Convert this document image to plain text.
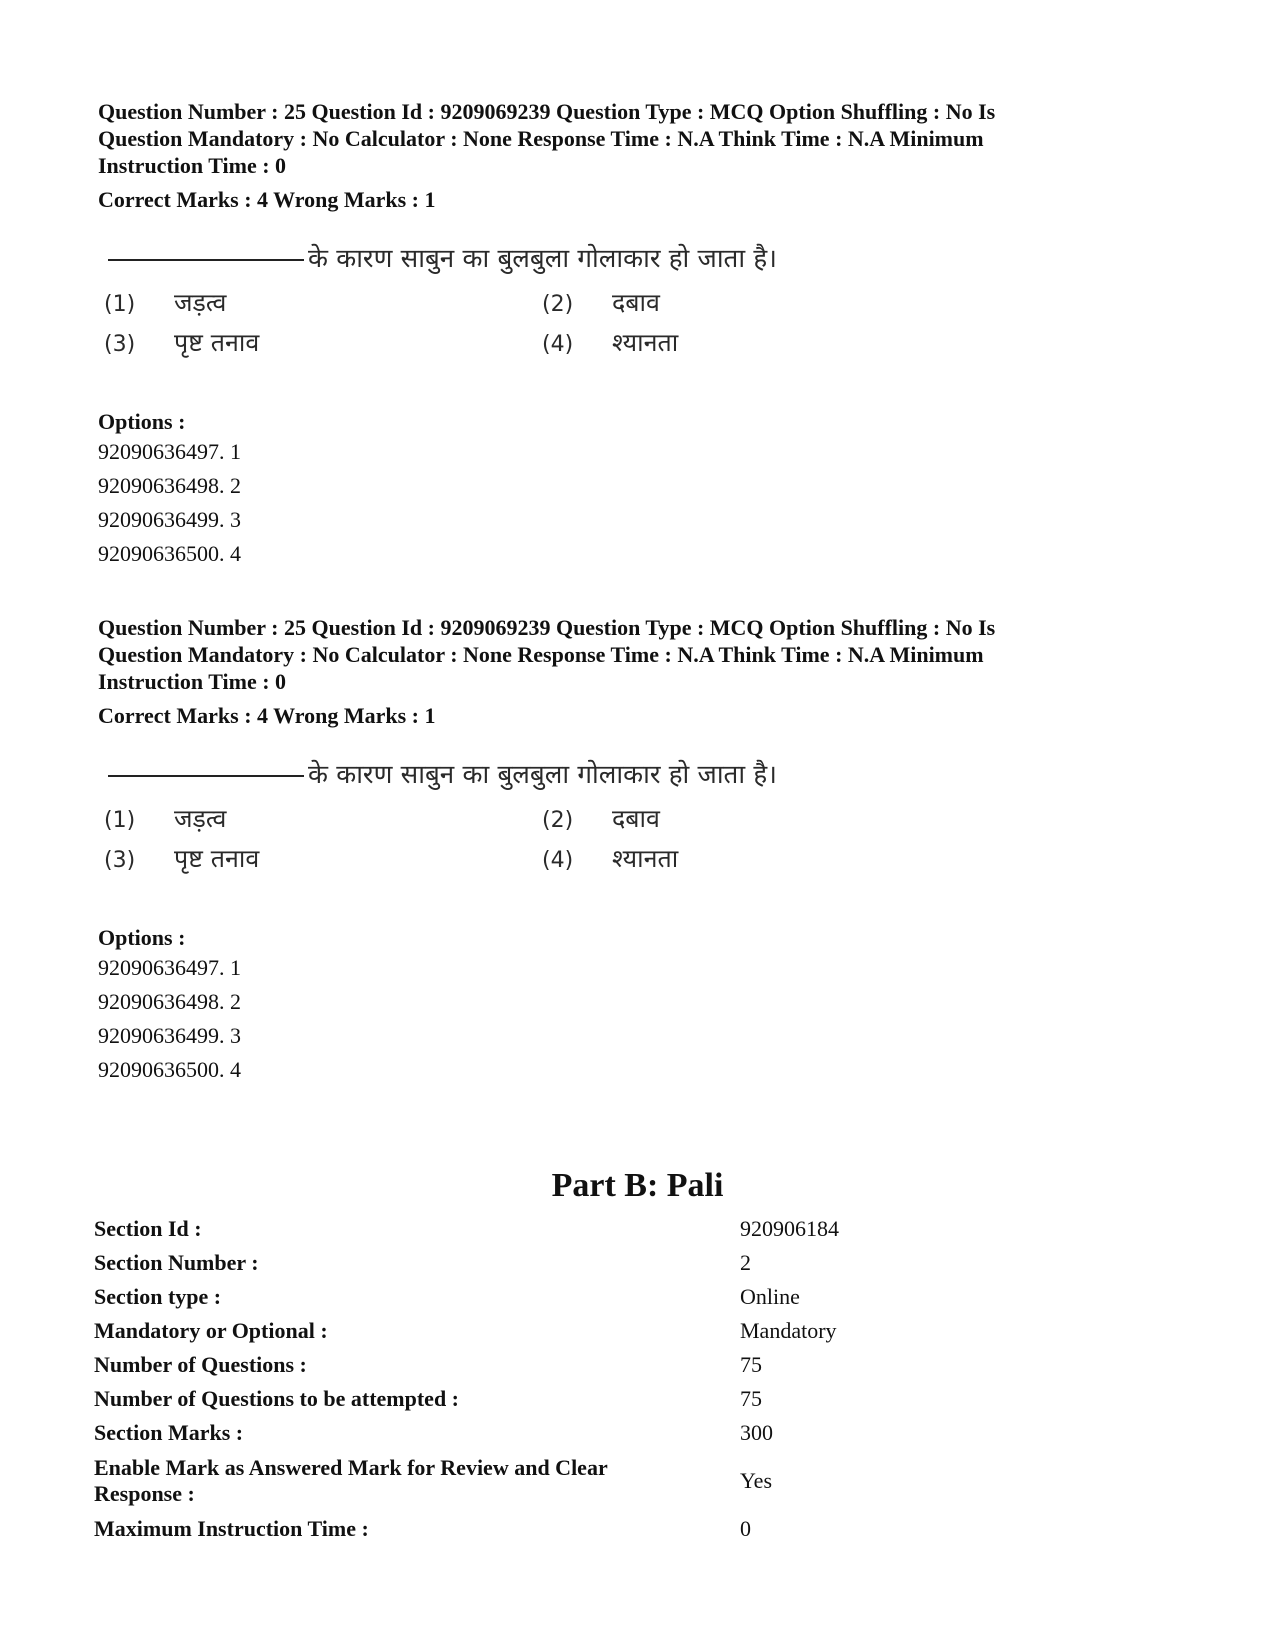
Question Number : 25 Question Id : 9209069239 Question Type : MCQ Option Shuffling : No Is
Question Mandatory : No Calculator : None Response Time : N.A Think Time : N.A Minimum
Instruction Time : 0
Correct Marks : 4 Wrong Marks : 1
के कारण साबुन का बुलबुला गोलाकार हो जाता है।
(1) जड़त्व	(2) दबाव
(3) पृष्ट तनाव	(4) श्यानता
Options :
92090636497. 1
92090636498. 2
92090636499. 3
92090636500. 4
Question Number : 25 Question Id : 9209069239 Question Type : MCQ Option Shuffling : No Is
Question Mandatory : No Calculator : None Response Time : N.A Think Time : N.A Minimum
Instruction Time : 0
Correct Marks : 4 Wrong Marks : 1
के कारण साबुन का बुलबुला गोलाकार हो जाता है।
(1) जड़त्व	(2) दबाव
(3) पृष्ट तनाव	(4) श्यानता
Options :
92090636497. 1
92090636498. 2
92090636499. 3
92090636500. 4
Part B: Pali
Section Id :	920906184
Section Number :	2
Section type :	Online
Mandatory or Optional :	Mandatory
Number of Questions :	75
Number of Questions to be attempted :	75
Section Marks :	300
Enable Mark as Answered Mark for Review and Clear Response :	Yes
Maximum Instruction Time :	0
